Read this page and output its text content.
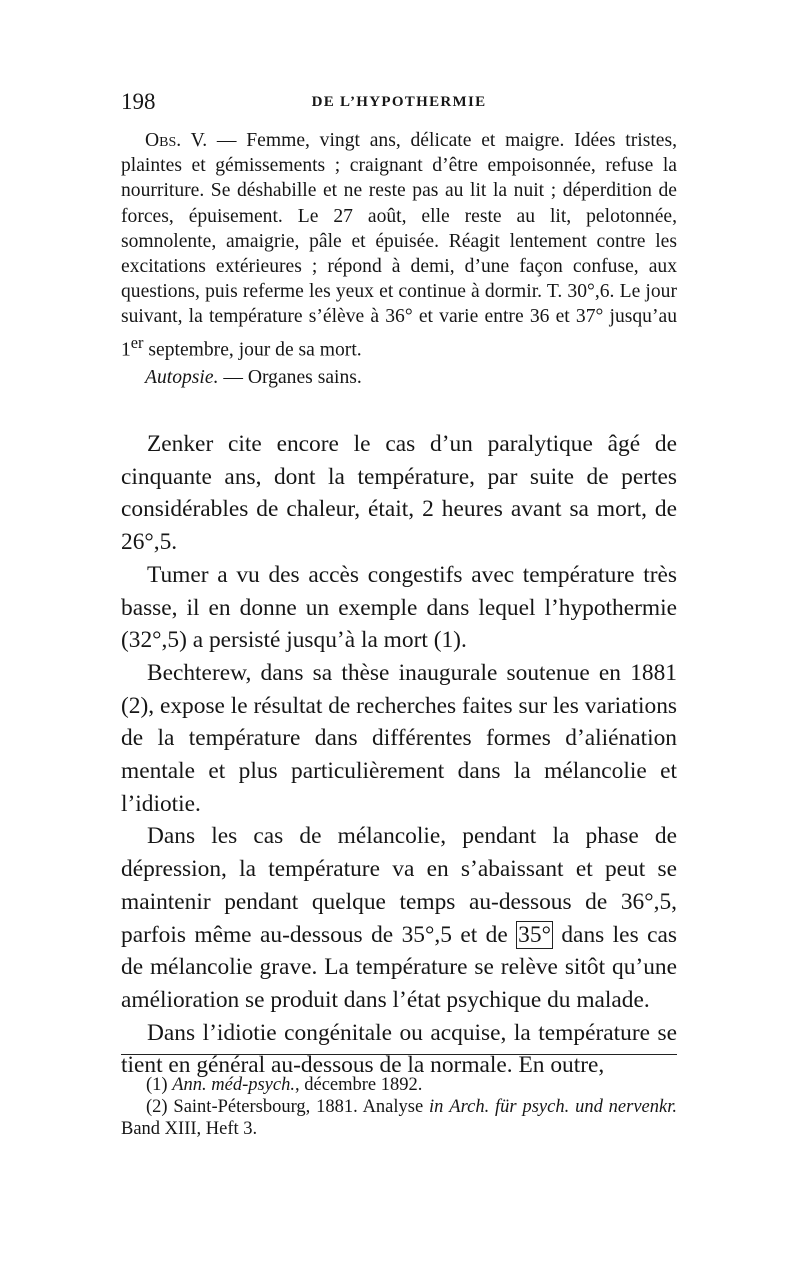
198	DE L’HYPOTHERMIE

Obs. V. — Femme, vingt ans, délicate et maigre. Idées tristes, plaintes et gémissements ; craignant d’être empoisonnée, refuse la nourriture. Se déshabille et ne reste pas au lit la nuit ; déperdition de forces, épuisement. Le 27 août, elle reste au lit, pelotonnée, somnolente, amaigrie, pâle et épuisée. Réagit lentement contre les excitations extérieures ; répond à demi, d’une façon confuse, aux questions, puis referme les yeux et continue à dormir. T. 30°,6. Le jour suivant, la température s’élève à 36° et varie entre 36 et 37° jusqu’au 1er septembre, jour de sa mort.

Autopsie. — Organes sains.

Zenker cite encore le cas d’un paralytique âgé de cinquante ans, dont la température, par suite de pertes considérables de chaleur, était, 2 heures avant sa mort, de 26°,5.

Tumer a vu des accès congestifs avec température très basse, il en donne un exemple dans lequel l’hypothermie (32°,5) a persisté jusqu’à la mort (1).

Bechterew, dans sa thèse inaugurale soutenue en 1881 (2), expose le résultat de recherches faites sur les variations de la température dans différentes formes d’aliénation mentale et plus particulièrement dans la mélancolie et l’idiotie.

Dans les cas de mélancolie, pendant la phase de dépression, la température va en s’abaissant et peut se maintenir pendant quelque temps au-dessous de 36°,5, parfois même au-dessous de 35°,5 et de 35° dans les cas de mélancolie grave. La température se relève sitôt qu’une amélioration se produit dans l’état psychique du malade.

Dans l’idiotie congénitale ou acquise, la température se tient en général au-dessous de la normale. En outre,

(1) Ann. méd-psych., décembre 1892.

(2) Saint-Pétersbourg, 1881. Analyse in Arch. für psych. und nervenkr. Band XIII, Heft 3.
